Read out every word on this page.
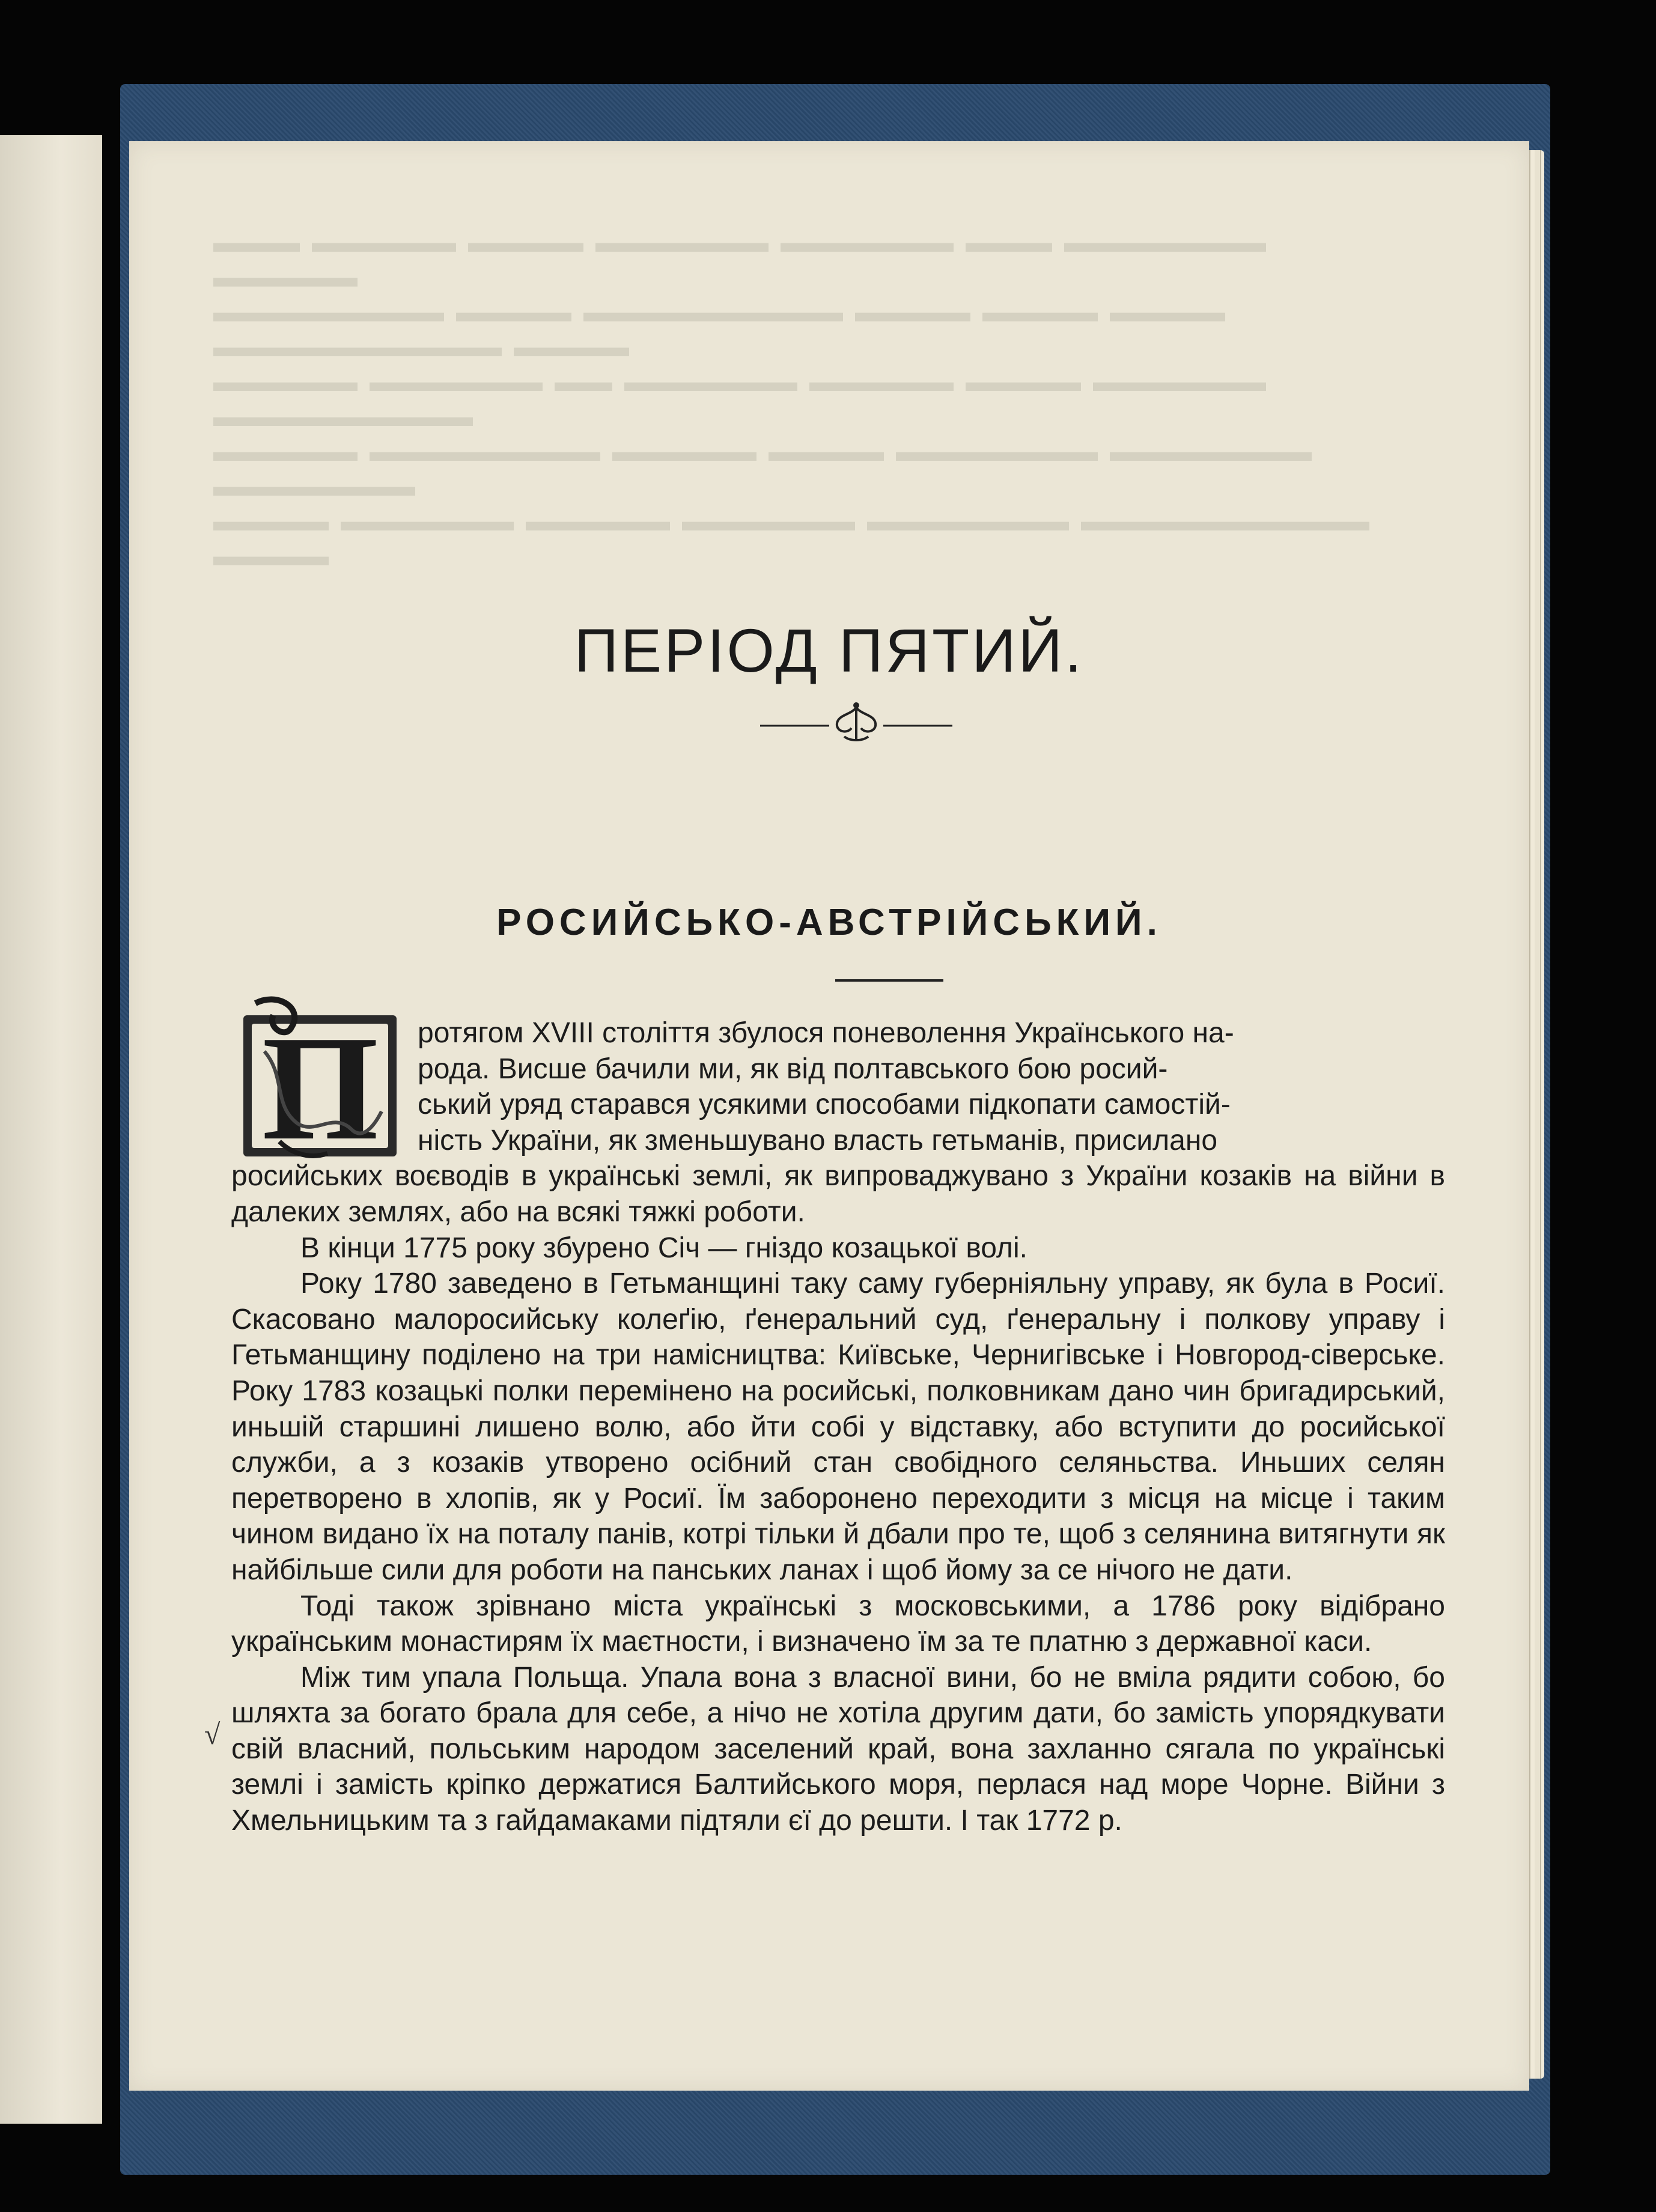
▬▬▬ ▬▬▬▬▬ ▬▬▬▬ ▬▬▬▬▬▬ ▬▬▬▬▬▬ ▬▬▬ ▬▬▬▬▬▬▬ ▬▬▬▬▬
▬▬▬▬▬▬▬▬ ▬▬▬▬ ▬▬▬▬▬▬▬▬▬ ▬▬▬▬ ▬▬▬▬ ▬▬▬▬ ▬▬▬▬▬▬▬▬▬▬ ▬▬▬▬
▬▬▬▬▬ ▬▬▬▬▬▬ ▬▬ ▬▬▬▬▬▬ ▬▬▬▬▬ ▬▬▬▬ ▬▬▬▬▬▬ ▬▬▬▬▬▬▬▬▬
▬▬▬▬▬ ▬▬▬▬▬▬▬▬ ▬▬▬▬▬ ▬▬▬▬ ▬▬▬▬▬▬▬ ▬▬▬▬▬▬▬ ▬▬▬▬▬▬▬
▬▬▬▬ ▬▬▬▬▬▬ ▬▬▬▬▬ ▬▬▬▬▬▬ ▬▬▬▬▬▬▬ ▬▬▬▬▬▬▬▬▬▬ ▬▬▬▬
ПЕРІОД ПЯТИЙ.
РОСИЙСЬКО-АВСТРІЙСЬКИЙ.
П ротягом XVIII століття збулося поневолення Українського на-

рода. Висше бачили ми, як від полтавського бою росий-

ський уряд старався усякими способами підкопати самостій-

ність України, як зменьшувано власть гетьманів, присилано

росийських воєводів в українські землі, як випроваджувано з України козаків на війни в далеких землях, або на всякі тяжкі роботи.

В кінци 1775 року збурено Січ — гніздо козацької волі.

Року 1780 заведено в Гетьманщині таку саму губерніяльну управу, як була в Росиї. Скасовано малоросийську колеґію, ґенеральний суд, ґенеральну і полкову управу і Гетьманщину поділено на три намісництва: Київське, Чернигівське і Новгород-сіверське. Року 1783 козацькі полки перемінено на росийські, полковникам дано чин бригадирський, иньшій старшині лишено волю, або йти собі у відставку, або вступити до росийської служби, а з козаків утворено осібний стан свобідного селяньства. Иньших селян перетворено в хлопів, як у Росиї. Їм заборонено переходити з місця на місце і таким чином видано їх на поталу панів, котрі тільки й дбали про те, щоб з селянина витягнути як найбільше сили для роботи на панських ланах і щоб йому за се нічого не дати.

Тоді також зрівнано міста українські з московськими, а 1786 року відібрано українським монастирям їх маєтности, і визначено їм за те платню з державної каси.

Між тим упала Польща. Упала вона з власної вини, бо не вміла рядити собою, бо шляхта за богато брала для себе, а нічо не хотіла другим дати, бо замість упорядкувати свій власний, польським народом заселений край, вона захланно сягала по українські землі і замість кріпко держатися Балтийського моря, перлася над море Чорне. Війни з Хмельницьким та з гайдамаками підтяли єї до решти. І так 1772 р.

√
